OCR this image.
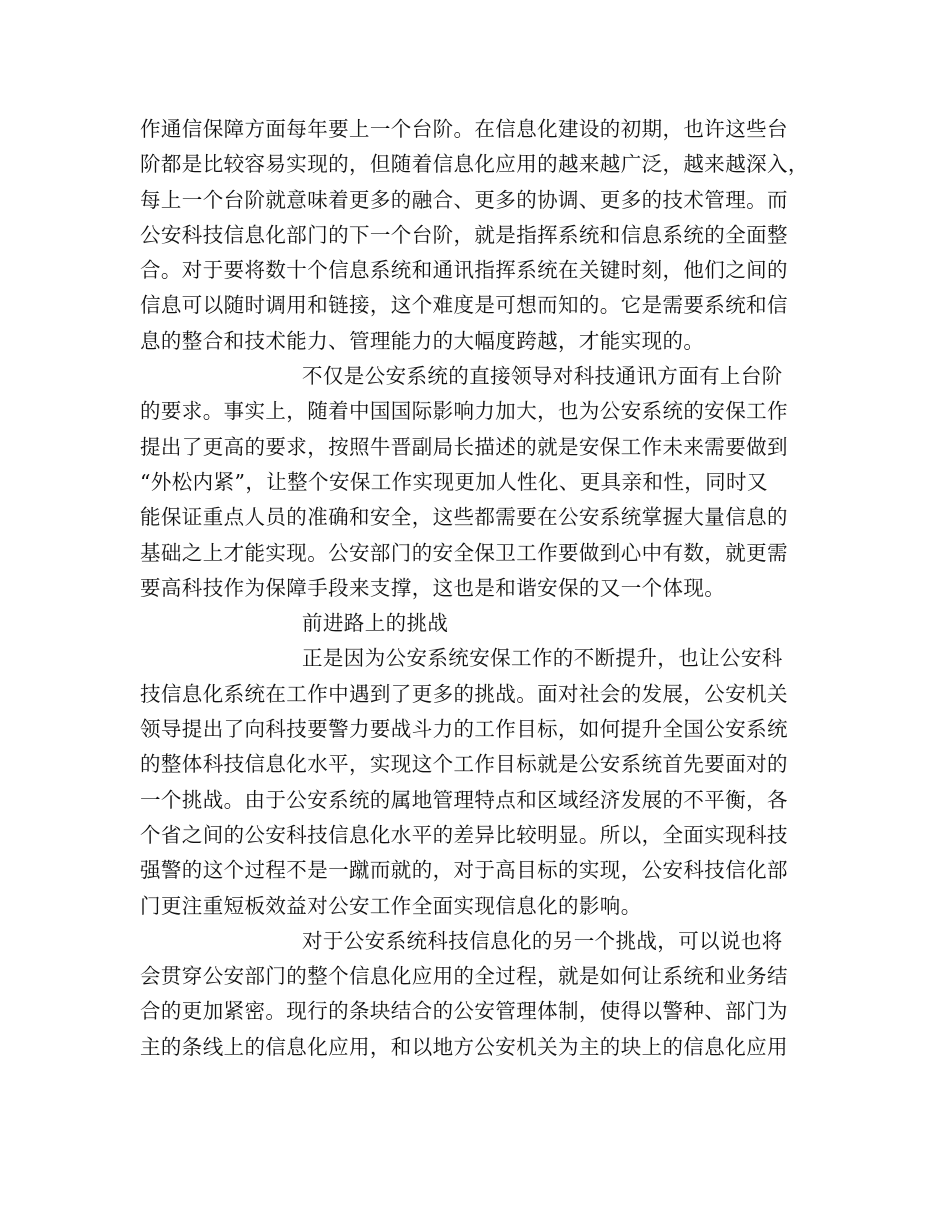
作通信保障方面每年要上一个台阶。在信息化建设的初期，也许这些台
阶都是比较容易实现的，但随着信息化应用的越来越广泛，越来越深入，
每上一个台阶就意味着更多的融合、更多的协调、更多的技术管理。而
公安科技信息化部门的下一个台阶，就是指挥系统和信息系统的全面整
合。对于要将数十个信息系统和通讯指挥系统在关键时刻，他们之间的
信息可以随时调用和链接，这个难度是可想而知的。它是需要系统和信
息的整合和技术能力、管理能力的大幅度跨越，才能实现的。
不仅是公安系统的直接领导对科技通讯方面有上台阶
的要求。事实上，随着中国国际影响力加大，也为公安系统的安保工作
提出了更高的要求，按照牛晋副局长描述的就是安保工作未来需要做到
“外松内紧”，让整个安保工作实现更加人性化、更具亲和性，同时又
能保证重点人员的准确和安全，这些都需要在公安系统掌握大量信息的
基础之上才能实现。公安部门的安全保卫工作要做到心中有数，就更需
要高科技作为保障手段来支撑，这也是和谐安保的又一个体现。
前进路上的挑战
正是因为公安系统安保工作的不断提升，也让公安科
技信息化系统在工作中遇到了更多的挑战。面对社会的发展，公安机关
领导提出了向科技要警力要战斗力的工作目标，如何提升全国公安系统
的整体科技信息化水平，实现这个工作目标就是公安系统首先要面对的
一个挑战。由于公安系统的属地管理特点和区域经济发展的不平衡，各
个省之间的公安科技信息化水平的差异比较明显。所以，全面实现科技
强警的这个过程不是一蹴而就的，对于高目标的实现，公安科技信化部
门更注重短板效益对公安工作全面实现信息化的影响。
对于公安系统科技信息化的另一个挑战，可以说也将
会贯穿公安部门的整个信息化应用的全过程，就是如何让系统和业务结
合的更加紧密。现行的条块结合的公安管理体制，使得以警种、部门为
主的条线上的信息化应用，和以地方公安机关为主的块上的信息化应用
